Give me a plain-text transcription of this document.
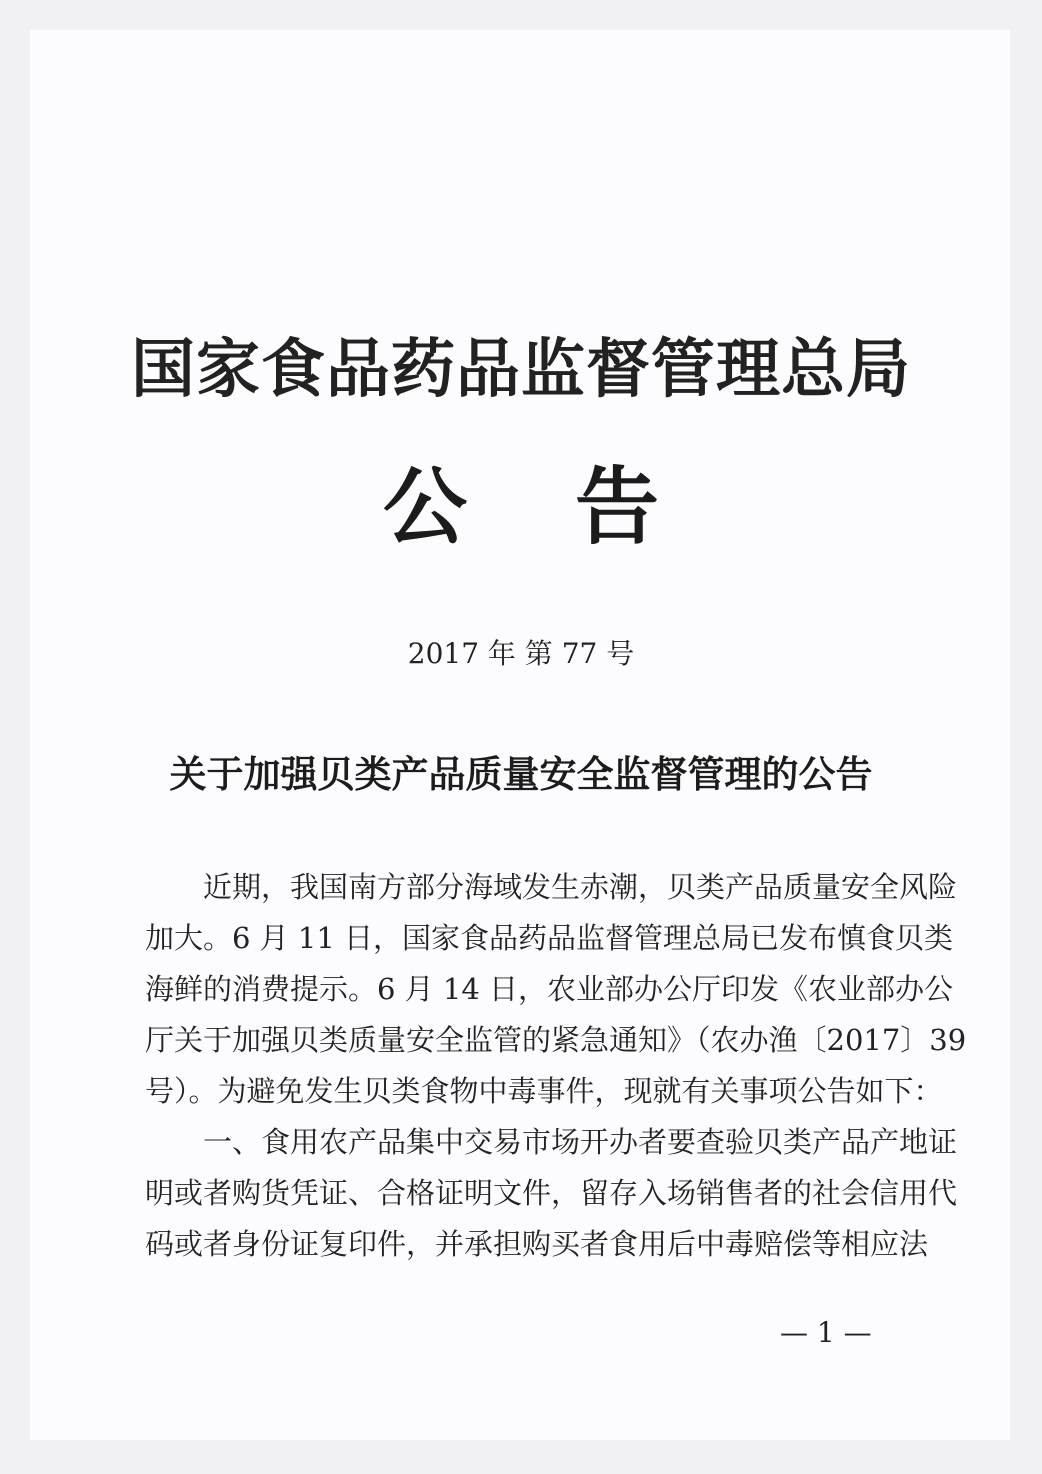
国家食品药品监督管理总局
公告
2017 年 第 77 号
关于加强贝类产品质量安全监督管理的公告
近期，我国南方部分海域发生赤潮，贝类产品质量安全风险
加大。6 月 11 日，国家食品药品监督管理总局已发布慎食贝类
海鲜的消费提示。6 月 14 日，农业部办公厅印发《农业部办公
厅关于加强贝类质量安全监管的紧急通知》（农办渔〔2017〕39
号）。为避免发生贝类食物中毒事件，现就有关事项公告如下：
一、食用农产品集中交易市场开办者要查验贝类产品产地证
明或者购货凭证、合格证明文件，留存入场销售者的社会信用代
码或者身份证复印件，并承担购买者食用后中毒赔偿等相应法
— 1 —
